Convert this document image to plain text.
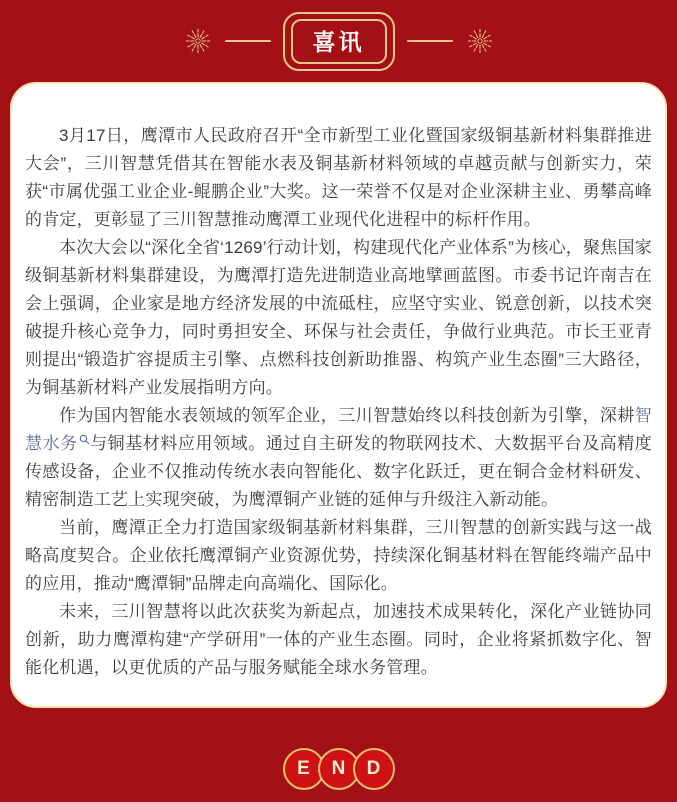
喜讯

3月17日，鹰潭市人民政府召开“全市新型工业化暨国家级铜基新材料集群推进大会”，三川智慧凭借其在智能水表及铜基新材料领域的卓越贡献与创新实力，荣获“市属优强工业企业-鲲鹏企业”大奖。这一荣誉不仅是对企业深耕主业、勇攀高峰的肯定，更彰显了三川智慧推动鹰潭工业现代化进程中的标杆作用。

本次大会以“深化全省‘1269’行动计划，构建现代化产业体系”为核心，聚焦国家级铜基新材料集群建设，为鹰潭打造先进制造业高地擘画蓝图。市委书记许南吉在会上强调，企业家是地方经济发展的中流砥柱，应坚守实业、锐意创新，以技术突破提升核心竞争力，同时勇担安全、环保与社会责任，争做行业典范。市长王亚青则提出“锻造扩容提质主引擎、点燃科技创新助推器、构筑产业生态圈”三大路径，为铜基新材料产业发展指明方向。

作为国内智能水表领域的领军企业，三川智慧始终以科技创新为引擎，深耕智慧水务 与铜基材料应用领域。通过自主研发的物联网技术、大数据平台及高精度传感设备，企业不仅推动传统水表向智能化、数字化跃迁，更在铜合金材料研发、精密制造工艺上实现突破，为鹰潭铜产业链的延伸与升级注入新动能。

当前，鹰潭正全力打造国家级铜基新材料集群，三川智慧的创新实践与这一战略高度契合。企业依托鹰潭铜产业资源优势，持续深化铜基材料在智能终端产品中的应用，推动“鹰潭铜”品牌走向高端化、国际化。

未来，三川智慧将以此次获奖为新起点，加速技术成果转化，深化产业链协同创新，助力鹰潭构建“产学研用”一体的产业生态圈。同时，企业将紧抓数字化、智能化机遇，以更优质的产品与服务赋能全球水务管理。

E N D
